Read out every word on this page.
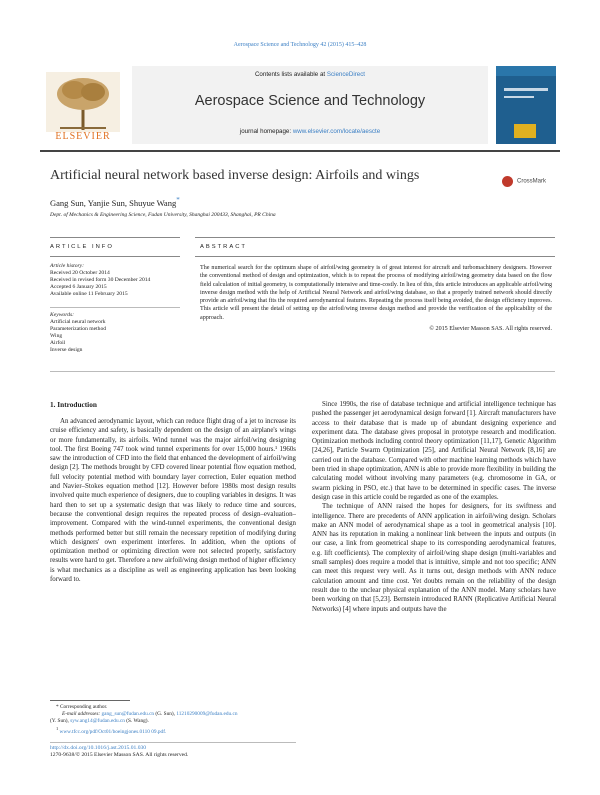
Aerospace Science and Technology 42 (2015) 415–428
ELSEVIER
Contents lists available at ScienceDirect
Aerospace Science and Technology
journal homepage: www.elsevier.com/locate/aescte
Artificial neural network based inverse design: Airfoils and wings	CrossMark
Gang Sun, Yanjie Sun, Shuyue Wang*
Dept. of Mechanics & Engineering Science, Fudan University, Shanghai 200433, Shanghai, PR China
ARTICLE INFO	ABSTRACT
Article history:
Received 20 October 2014
Received in revised form 30 December 2014
Accepted 6 January 2015
Available online 11 February 2015
Keywords:
Artificial neural network
Parameterization method
Wing
Airfoil
Inverse design
The numerical search for the optimum shape of airfoil/wing geometry is of great interest for aircraft and turbomachinery designers. However the conventional method of design and optimization, which is to repeat the process of modifying airfoil/wing geometry data based on the flow field calculation of initial geometry, is computationally intensive and time-costly. In lieu of this, this article introduces an applicable airfoil/wing inverse design method with the help of Artificial Neural Network and airfoil/wing database, so that a properly trained network should directly provide an airfoil/wing that fits the required aerodynamical features. Repeating the process itself being avoided, the design efficiency improves. This article will present the detail of setting up the airfoil/wing inverse design method and provide the verification of the applicability of the approach.
© 2015 Elsevier Masson SAS. All rights reserved.
1. Introduction

An advanced aerodynamic layout, which can reduce flight drag of a jet to increase its cruise efficiency and safety, is basically dependent on the design of an airplane's wings or more fundamentally, its airfoils. Wind tunnel was the major airfoil/wing designing tool. The first Boeing 747 took wind tunnel experiments for over 15,000 hours.¹ 1960s saw the introduction of CFD into the field that enhanced the development of airfoil/wing design [2]. The methods brought by CFD covered linear potential flow equation method, full velocity potential method with boundary layer correction, Euler equation method and Navier–Stokes equation method [12]. However before 1980s most design results involved quite much experience of designers, due to coupling variables in designs. It was hard then to set up a systematic design that was likely to reduce time and sources, because the conventional design requires the repeated process of design–evaluation–improvement. Compared with the wind-tunnel experiments, the conventional design methods performed better but still remain the necessary repetition of modifying during which designers' own experiment interferes. In addition, when the options of optimization method or optimizing direction were not selected properly, satisfactory results were hard to get. Therefore a new airfoil/wing design method of higher efficiency is what mechanics as a discipline as well as engineering application has been looking forward to.

Since 1990s, the rise of database technique and artificial intelligence technique has pushed the passenger jet aerodynamical design forward [1]. Aircraft manufacturers have access to their database that is made up of abundant designing experience and experiment data. The database gives proposal in prototype research and modification. Optimization methods including control theory optimization [11,17], Genetic Algorithm [24,26], Particle Swarm Optimization [25], and Artificial Neural Network [8,16] are carried out in the database. Compared with other machine learning methods which have been tried in shape optimization, ANN is able to provide more flexibility in building the calculating model without involving many parameters (e.g. chromosome in GA, or swarm picking in PSO, etc.) that have to be determined in specific cases. The inverse design case in this article could be regarded as one of the examples.

The technique of ANN raised the hopes for designers, for its swiftness and intelligence. There are precedents of ANN application in airfoil/wing design. Scholars make an ANN model of aerodynamical shape as a tool in geometrical analysis [10]. ANN has its reputation in making a nonlinear link between the inputs and outputs (in our case, a link from geometrical shape to its corresponding aerodynamical features, e.g. lift coefficients). The complexity of airfoil/wing shape design (multi-variables and small samples) does require a model that is intuitive, simple and not too specific; ANN can meet this request very well. As it turns out, design methods with ANN reduce calculation amount and time cost. Yet doubts remain on the reliability of the design result due to the unclear physical explanation of the ANN model. Many scholars have been working on that [5,23]. Bernstein introduced RANN (Replicative Artificial Neural Networks) [4] where inputs and outputs have the

* Corresponding author.
E-mail addresses: gang_sun@fudan.edu.cn (G. Sun), 11210290009@fudan.edu.cn
(Y. Sun), syw.ang14@fudan.edu.cn (S. Wang).
$^1$ www.tfcc.org/pdf/Oct01/boeingjones.0110 09.pdf.
http://dx.doi.org/10.1016/j.ast.2015.01.030
1270-9638/© 2015 Elsevier Masson SAS. All rights reserved.
